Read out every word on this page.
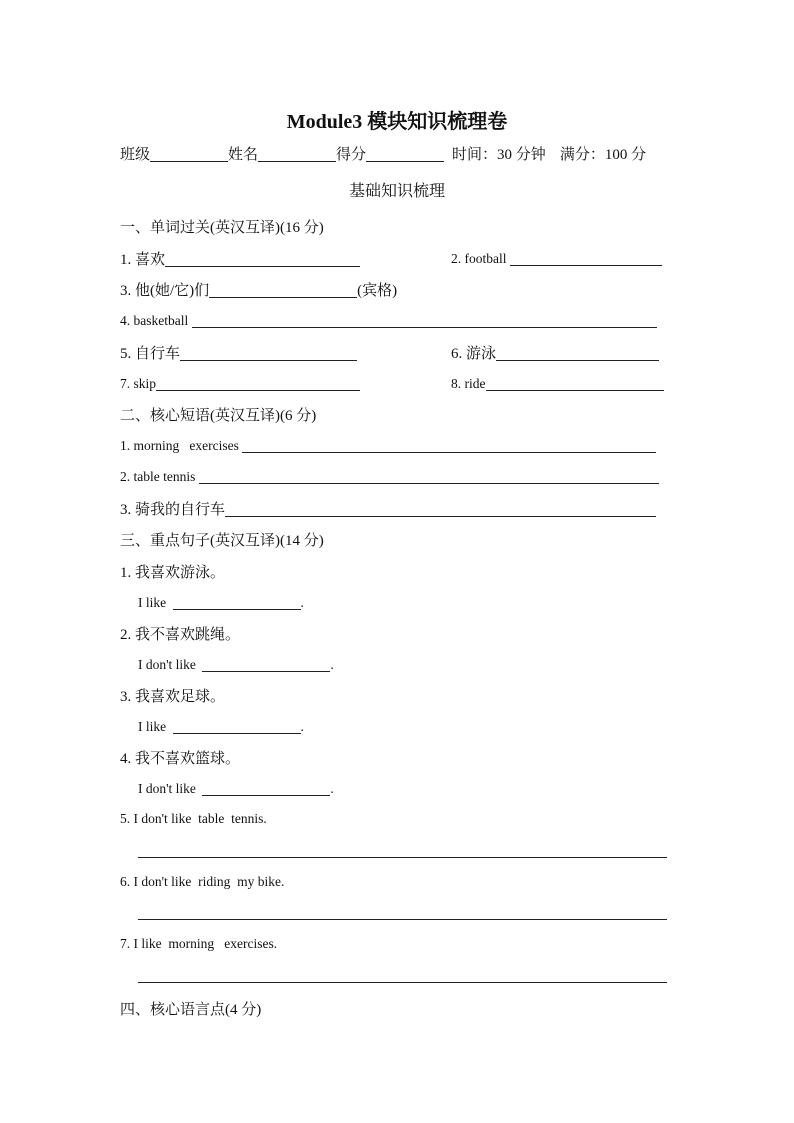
Module3 模块知识梳理卷
班级	姓名	得分	时间：30 分钟 满分：100 分
基础知识梳理
一、单词过关(英汉互译)(16 分)
1. 喜欢	2. football
3. 他(她/它)们	(宾格)
4. basketball
5. 自行车	6. 游泳
7. skip	8. ride
二、核心短语(英汉互译)(6 分)
1. morning   exercises
2. table tennis
3. 骑我的自行车
三、重点句子(英汉互译)(14 分)
1. 我喜欢游泳。
I like	.
2. 我不喜欢跳绳。
I don't like	.
3. 我喜欢足球。
I like	.
4. 我不喜欢篮球。
I don't like	.
5. I don't like  table  tennis.
6. I don't like  riding  my bike.
7. I like  morning   exercises.
四、核心语言点(4 分)
